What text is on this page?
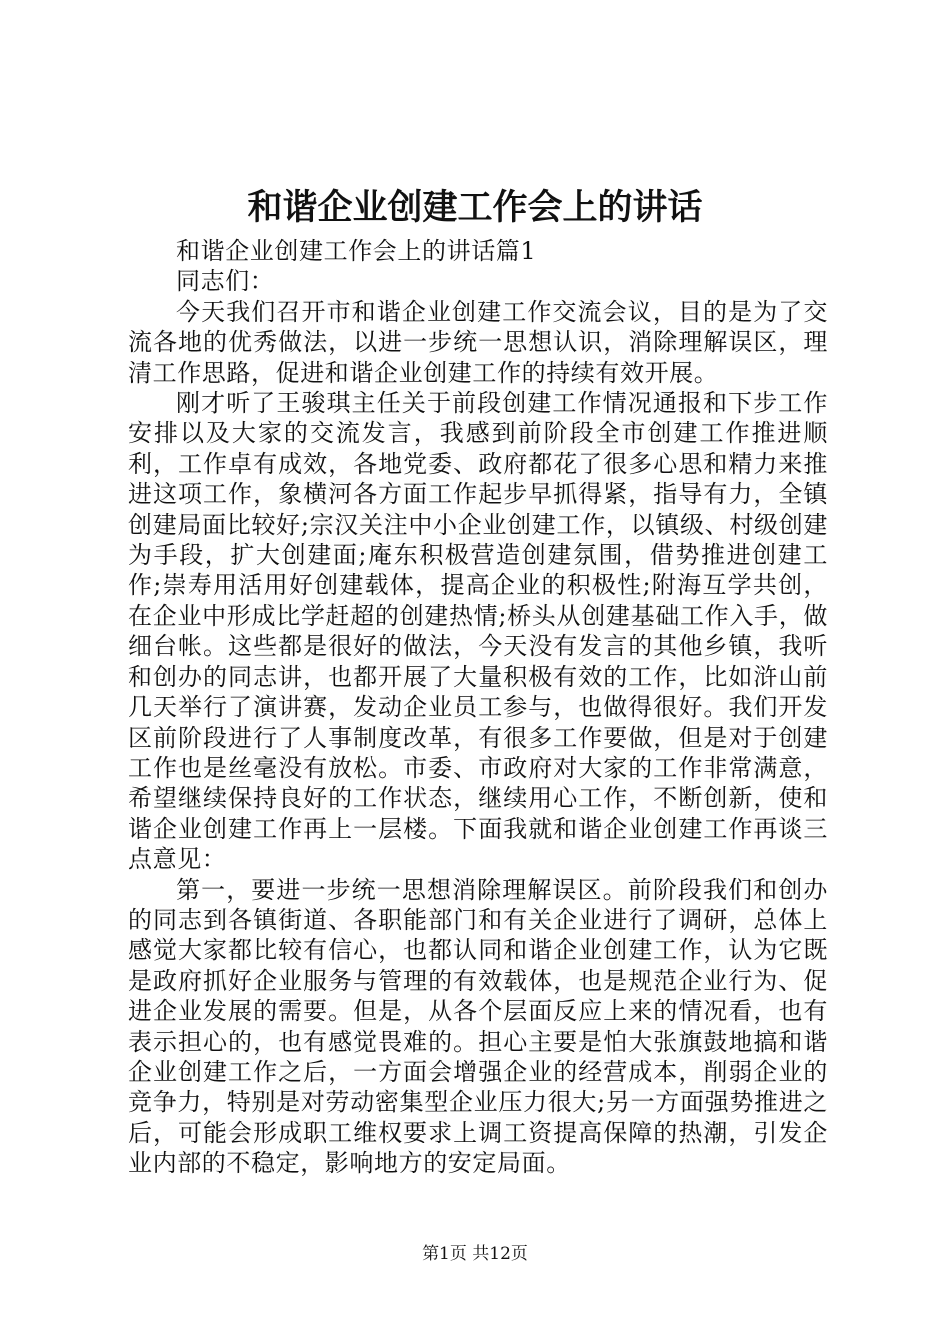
和谐企业创建工作会上的讲话

和谐企业创建工作会上的讲话篇1

同志们：

今天我们召开市和谐企业创建工作交流会议，目的是为了交流各地的优秀做法，以进一步统一思想认识，消除理解误区，理清工作思路，促进和谐企业创建工作的持续有效开展。

刚才听了王骏琪主任关于前段创建工作情况通报和下步工作安排以及大家的交流发言，我感到前阶段全市创建工作推进顺利，工作卓有成效，各地党委、政府都花了很多心思和精力来推进这项工作，象横河各方面工作起步早抓得紧，指导有力，全镇创建局面比较好;宗汉关注中小企业创建工作，以镇级、村级创建为手段，扩大创建面;庵东积极营造创建氛围，借势推进创建工作;崇寿用活用好创建载体，提高企业的积极性;附海互学共创，在企业中形成比学赶超的创建热情;桥头从创建基础工作入手，做细台帐。这些都是很好的做法，今天没有发言的其他乡镇，我听和创办的同志讲，也都开展了大量积极有效的工作，比如浒山前几天举行了演讲赛，发动企业员工参与，也做得很好。我们开发区前阶段进行了人事制度改革，有很多工作要做，但是对于创建工作也是丝毫没有放松。市委、市政府对大家的工作非常满意，希望继续保持良好的工作状态，继续用心工作，不断创新，使和谐企业创建工作再上一层楼。下面我就和谐企业创建工作再谈三点意见：

第一，要进一步统一思想消除理解误区。前阶段我们和创办的同志到各镇街道、各职能部门和有关企业进行了调研，总体上感觉大家都比较有信心，也都认同和谐企业创建工作，认为它既是政府抓好企业服务与管理的有效载体，也是规范企业行为、促进企业发展的需要。但是，从各个层面反应上来的情况看，也有表示担心的，也有感觉畏难的。担心主要是怕大张旗鼓地搞和谐企业创建工作之后，一方面会增强企业的经营成本，削弱企业的竞争力，特别是对劳动密集型企业压力很大;另一方面强势推进之后，可能会形成职工维权要求上调工资提高保障的热潮，引发企业内部的不稳定，影响地方的安定局面。

第1页 共12页
